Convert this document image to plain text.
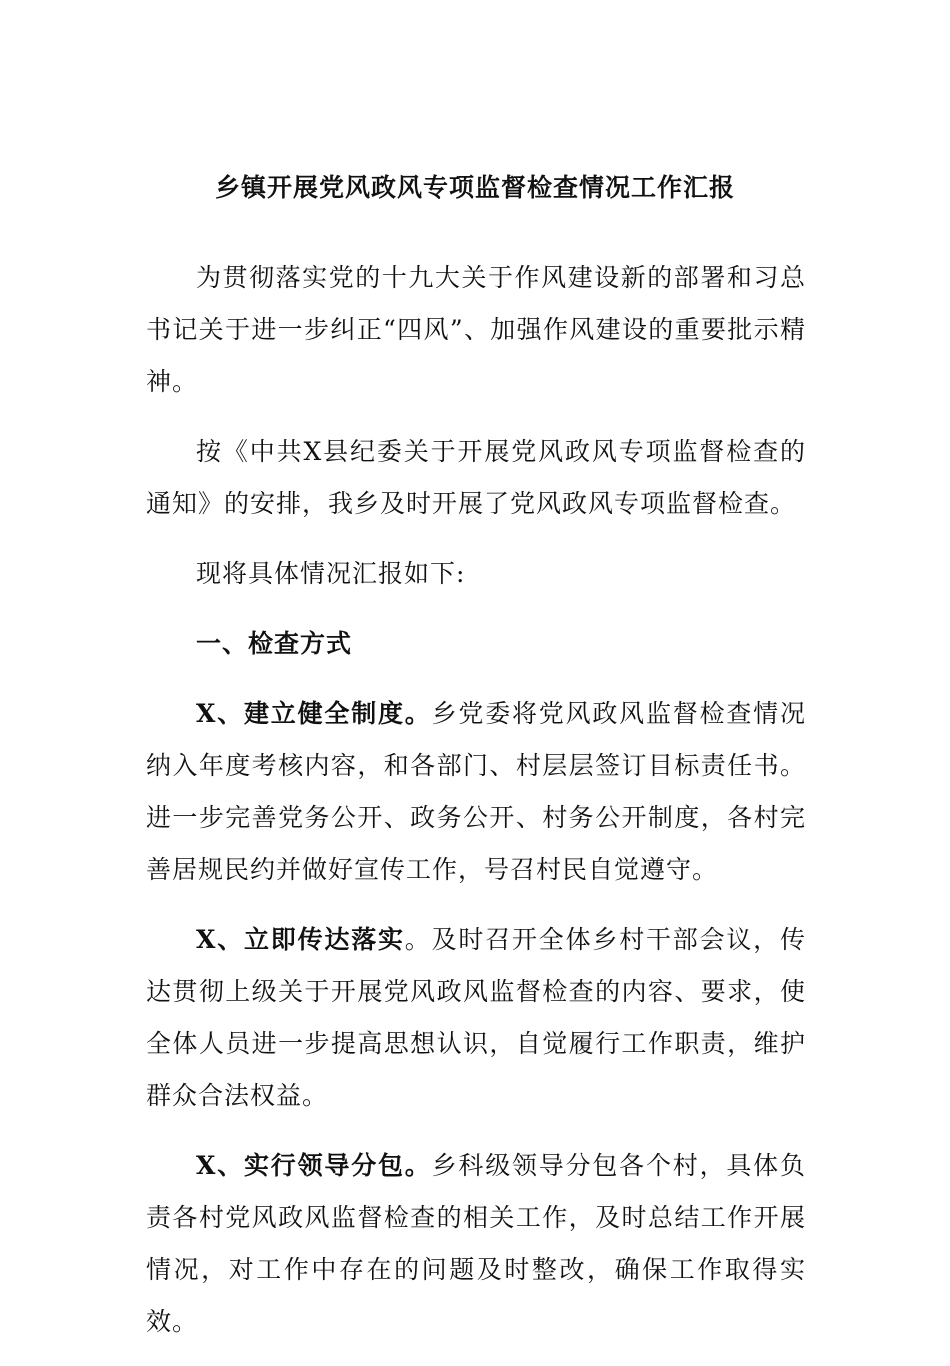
乡镇开展党风政风专项监督检查情况工作汇报

为贯彻落实党的十九大关于作风建设新的部署和习总书记关于进一步纠正“四风”、加强作风建设的重要批示精神。

按《中共X县纪委关于开展党风政风专项监督检查的通知》的安排，我乡及时开展了党风政风专项监督检查。

现将具体情况汇报如下:

一、检查方式

X、建立健全制度。乡党委将党风政风监督检查情况纳入年度考核内容，和各部门、村层层签订目标责任书。进一步完善党务公开、政务公开、村务公开制度，各村完善居规民约并做好宣传工作，号召村民自觉遵守。

X、立即传达落实。及时召开全体乡村干部会议，传达贯彻上级关于开展党风政风监督检查的内容、要求，使全体人员进一步提高思想认识，自觉履行工作职责，维护群众合法权益。

X、实行领导分包。乡科级领导分包各个村，具体负责各村党风政风监督检查的相关工作，及时总结工作开展情况，对工作中存在的问题及时整改，确保工作取得实效。
